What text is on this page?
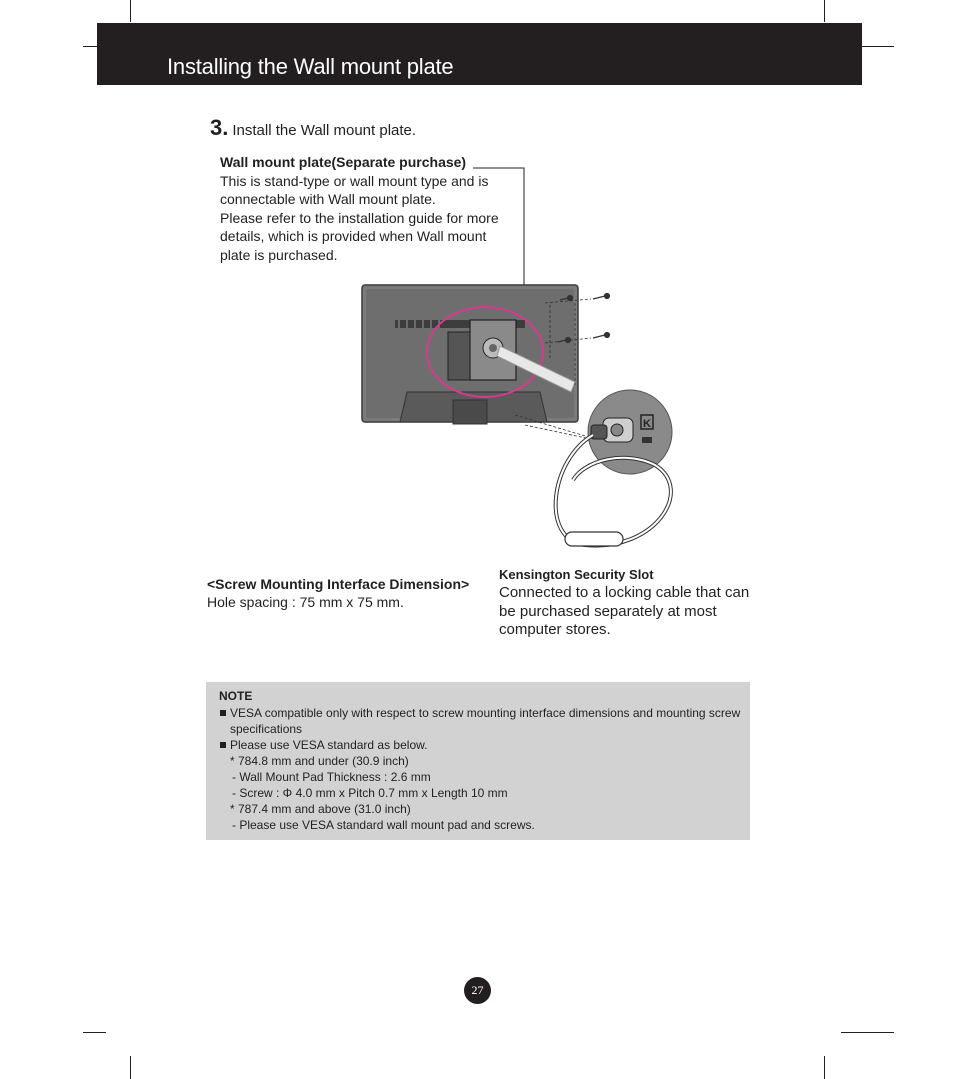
Installing the Wall mount plate
3. Install the Wall mount plate.
Wall mount plate(Separate purchase)
This is stand-type or wall mount type and is
connectable with Wall mount plate.
Please refer to the installation guide for more
details, which is provided when Wall mount
plate is purchased.
K
<Screw Mounting Interface Dimension>
Hole spacing : 75 mm x 75 mm.
Kensington Security Slot
Connected to a locking cable that can
be purchased separately at most
computer stores.
NOTE
VESA compatible only with respect to screw mounting interface dimensions and mounting screw
specifications
Please use VESA standard as below.
* 784.8 mm and under (30.9 inch)
- Wall Mount Pad Thickness : 2.6 mm
- Screw : Φ 4.0 mm x Pitch 0.7 mm x Length 10 mm
* 787.4 mm and above (31.0 inch)
- Please use VESA standard wall mount pad and screws.
27
